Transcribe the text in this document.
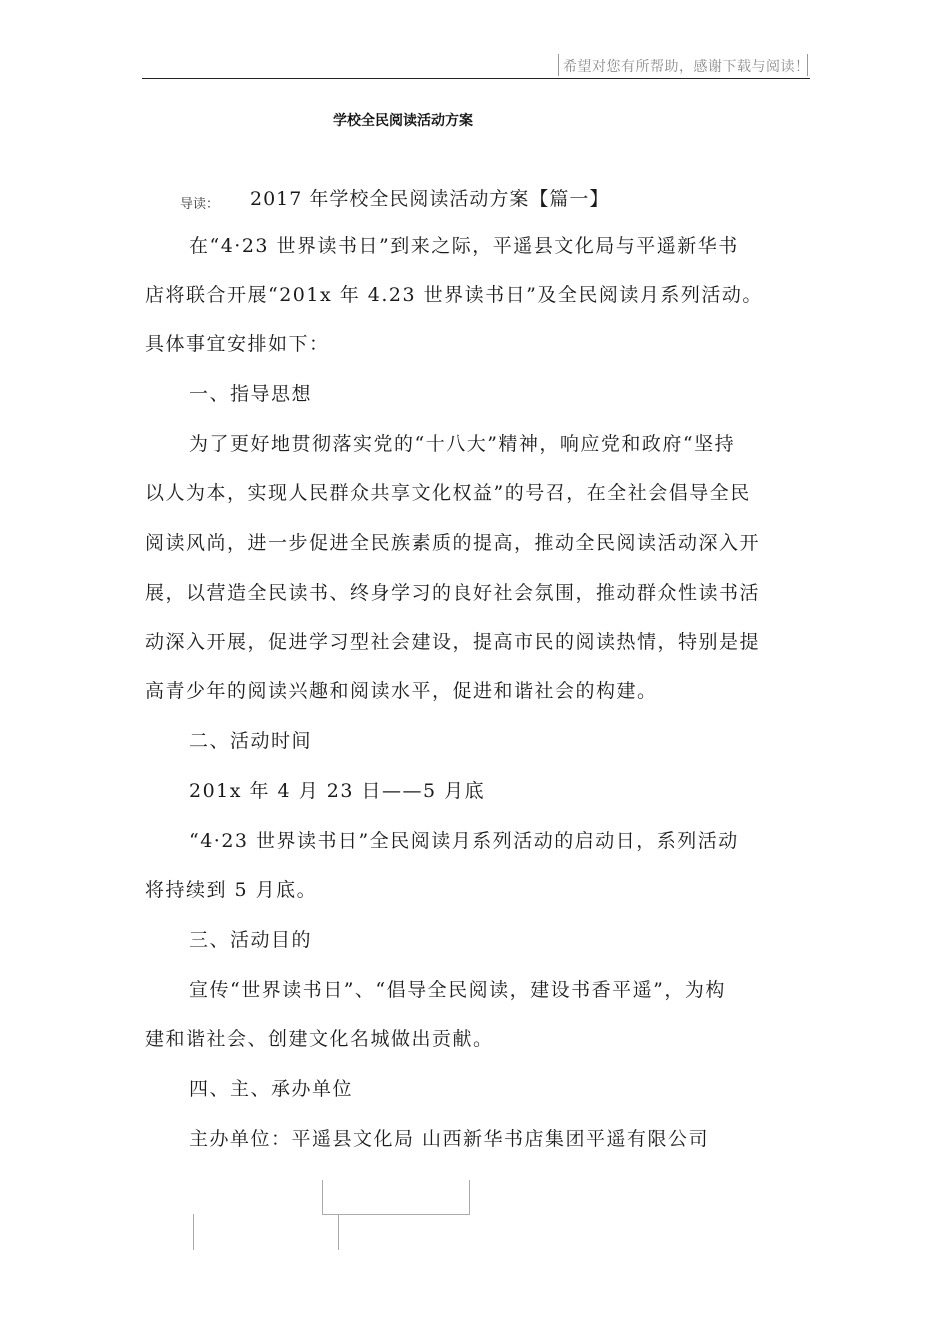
希望对您有所帮助，感谢下载与阅读！
学校全民阅读活动方案
导读： 2017 年学校全民阅读活动方案【篇一】
在“4·23 世界读书日”到来之际，平遥县文化局与平遥新华书
店将联合开展“201x 年 4.23 世界读书日”及全民阅读月系列活动。
具体事宜安排如下：
一、指导思想
为了更好地贯彻落实党的“十八大”精神，响应党和政府“坚持
以人为本，实现人民群众共享文化权益”的号召，在全社会倡导全民
阅读风尚，进一步促进全民族素质的提高，推动全民阅读活动深入开
展，以营造全民读书、终身学习的良好社会氛围，推动群众性读书活
动深入开展，促进学习型社会建设，提高市民的阅读热情，特别是提
高青少年的阅读兴趣和阅读水平，促进和谐社会的构建。
二、活动时间
201x 年 4 月 23 日——5 月底
“4·23 世界读书日”全民阅读月系列活动的启动日，系列活动
将持续到 5 月底。
三、活动目的
宣传“世界读书日”、“倡导全民阅读，建设书香平遥”，为构
建和谐社会、创建文化名城做出贡献。
四、主、承办单位
主办单位：平遥县文化局 山西新华书店集团平遥有限公司
